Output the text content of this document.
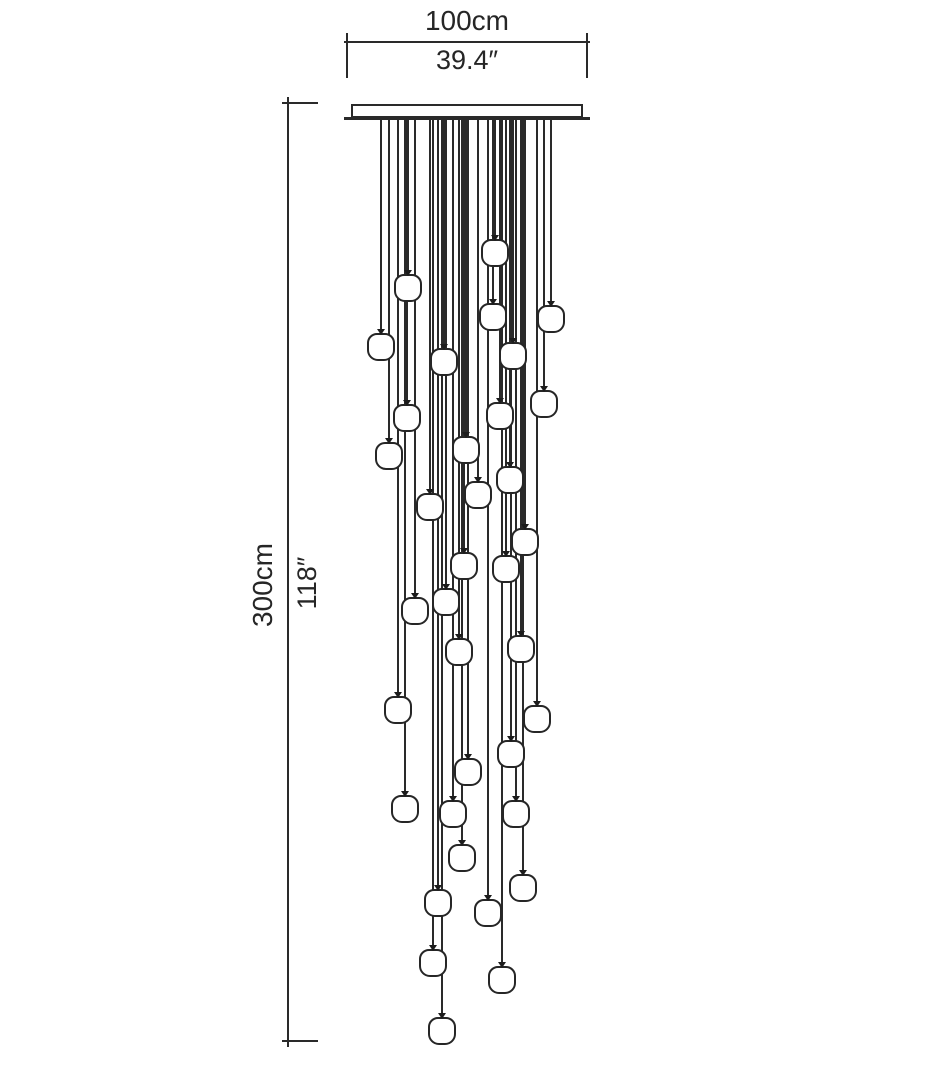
100cm
39.4″
300cm 118″
